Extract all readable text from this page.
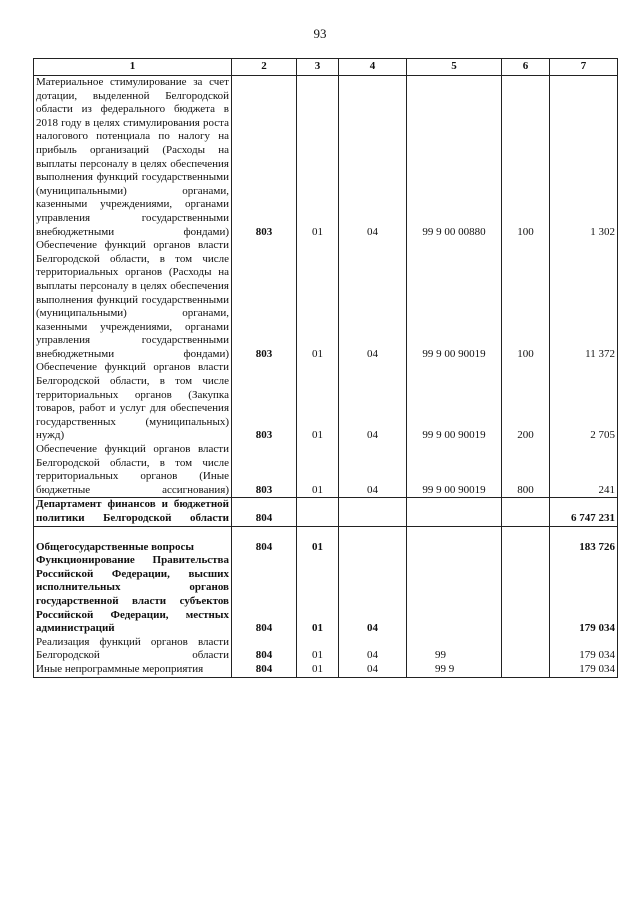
93
1	2	3	4	5	6	7
Материальное стимулирование за счет дотации, выделенной Белгородской области из федерального бюджета в 2018 году в целях стимулирования роста налогового потенциала по налогу на прибыль организаций (Расходы на выплаты персоналу в целях обеспечения выполнения функций государственными (муниципальными) органами, казенными учреждениями, органами управления государственными внебюджетными фондами)	803	01	04	99 9 00 00880	100	1 302
Обеспечение функций органов власти Белгородской области, в том числе территориальных органов (Расходы на выплаты персоналу в целях обеспечения выполнения функций государственными (муниципальными) органами, казенными учреждениями, органами управления государственными внебюджетными фондами)	803	01	04	99 9 00 90019	100	11 372
Обеспечение функций органов власти Белгородской области, в том числе территориальных органов (Закупка товаров, работ и услуг для обеспечения государственных (муниципальных) нужд)	803	01	04	99 9 00 90019	200	2 705
Обеспечение функций органов власти Белгородской области, в том числе территориальных органов (Иные бюджетные ассигнования)	803	01	04	99 9 00 90019	800	241
Департамент финансов и бюджетной политики Белгородской области	804					6 747 231

Общегосударственные вопросы	804	01				183 726
Функционирование Правительства Российской Федерации, высших исполнительных органов государственной власти субъектов Российской Федерации, местных администраций	804	01	04			179 034
Реализация функций органов власти Белгородской области	804	01	04	99		179 034
Иные непрограммные мероприятия	804	01	04	99 9		179 034
